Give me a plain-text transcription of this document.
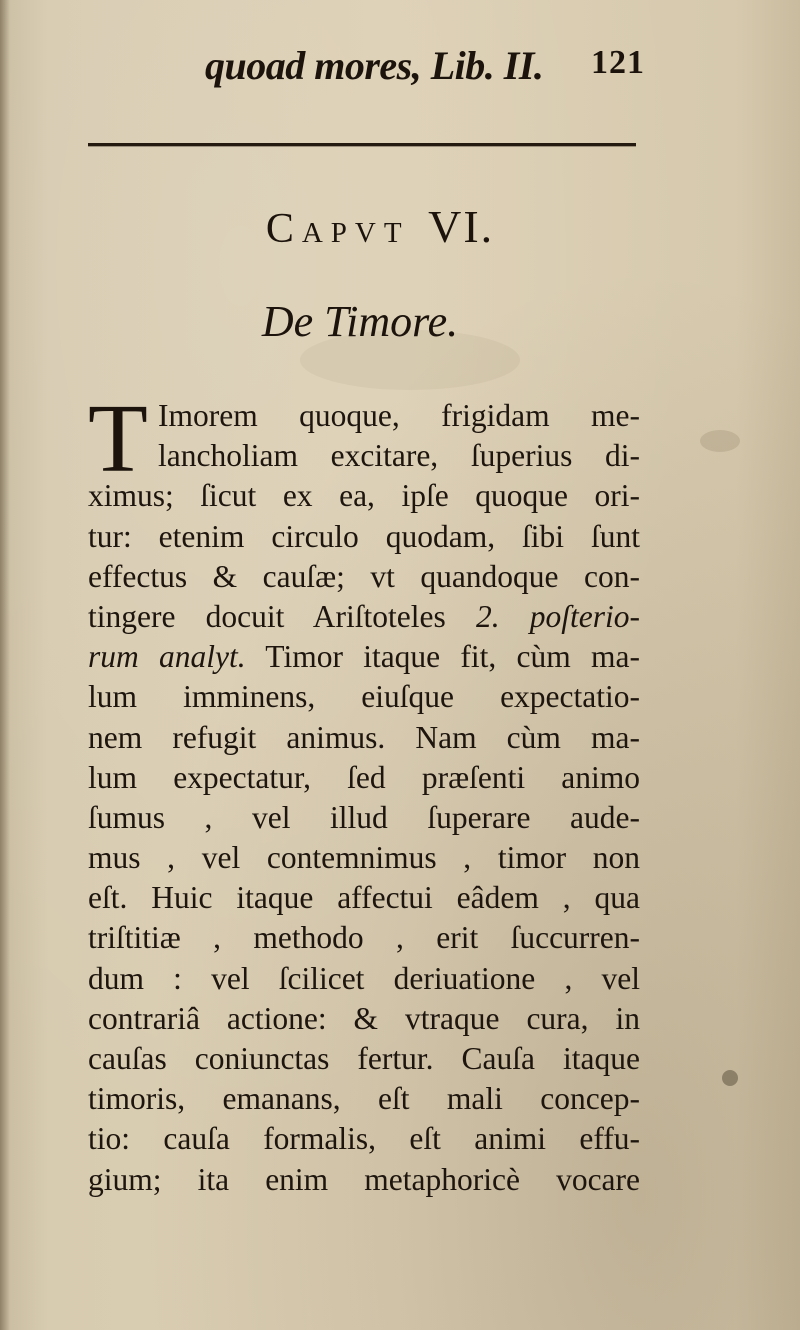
quoad mores, Lib. II. 121
Capvt VI.
De Timore.
T Imorem quoque, frigidam me-
lancholiam excitare, ſuperius di-
ximus; ſicut ex ea, ipſe quoque ori-
tur: etenim circulo quodam, ſibi ſunt
effectus & cauſæ; vt quandoque con-
tingere docuit Ariſtoteles 2. poſterio-
rum analyt. Timor itaque fit, cùm ma-
lum imminens, eiuſque expectatio-
nem refugit animus. Nam cùm ma-
lum expectatur, ſed præſenti animo
ſumus , vel illud ſuperare aude-
mus , vel contemnimus , timor non
eſt. Huic itaque affectui eâdem , qua
triſtitiæ , methodo , erit ſuccurren-
dum : vel ſcilicet deriuatione , vel
contrariâ actione: & vtraque cura, in
cauſas coniunctas fertur. Cauſa itaque
timoris, emanans, eſt mali concep-
tio: cauſa formalis, eſt animi effu-
gium; ita enim metaphoricè vocare
